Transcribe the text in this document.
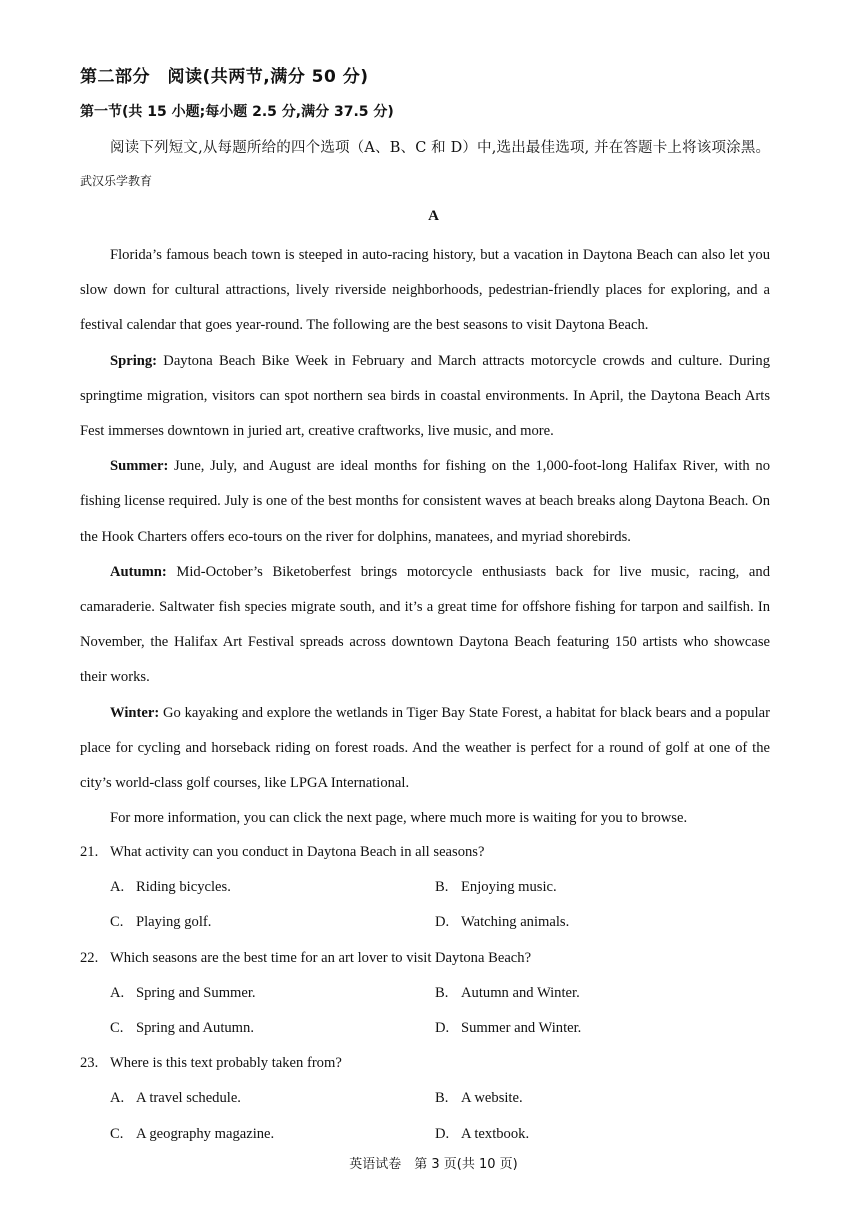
第二部分　阅读(共两节,满分 50 分)
第一节(共 15 小题;每小题 2.5 分,满分 37.5 分)
阅读下列短文,从每题所给的四个选项（A、B、C 和 D）中,选出最佳选项, 并在答题卡上将该项涂黑。武汉乐学教育
A

Florida’s famous beach town is steeped in auto-racing history, but a vacation in Daytona Beach can also let you slow down for cultural attractions, lively riverside neighborhoods, pedestrian-friendly places for exploring, and a festival calendar that goes year-round. The following are the best seasons to visit Daytona Beach.

Spring: Daytona Beach Bike Week in February and March attracts motorcycle crowds and culture. During springtime migration, visitors can spot northern sea birds in coastal environments. In April, the Daytona Beach Arts Fest immerses downtown in juried art, creative craftworks, live music, and more.

Summer: June, July, and August are ideal months for fishing on the 1,000-foot-long Halifax River, with no fishing license required. July is one of the best months for consistent waves at beach breaks along Daytona Beach. On the Hook Charters offers eco-tours on the river for dolphins, manatees, and myriad shorebirds.

Autumn: Mid-October’s Biketoberfest brings motorcycle enthusiasts back for live music, racing, and camaraderie. Saltwater fish species migrate south, and it’s a great time for offshore fishing for tarpon and sailfish. In November, the Halifax Art Festival spreads across downtown Daytona Beach featuring 150 artists who showcase their works.

Winter: Go kayaking and explore the wetlands in Tiger Bay State Forest, a habitat for black bears and a popular place for cycling and horseback riding on forest roads. And the weather is perfect for a round of golf at one of the city’s world-class golf courses, like LPGA International.

For more information, you can click the next page, where much more is waiting for you to browse.

21. What activity can you conduct in Daytona Beach in all seasons?
A. Riding bicycles.	B. Enjoying music.
C. Playing golf.	D. Watching animals.
22. Which seasons are the best time for an art lover to visit Daytona Beach?
A. Spring and Summer.	B. Autumn and Winter.
C. Spring and Autumn.	D. Summer and Winter.
23. Where is this text probably taken from?
A. A travel schedule.	B. A website.
C. A geography magazine.	D. A textbook.
英语试卷　第 3 页(共 10 页)
